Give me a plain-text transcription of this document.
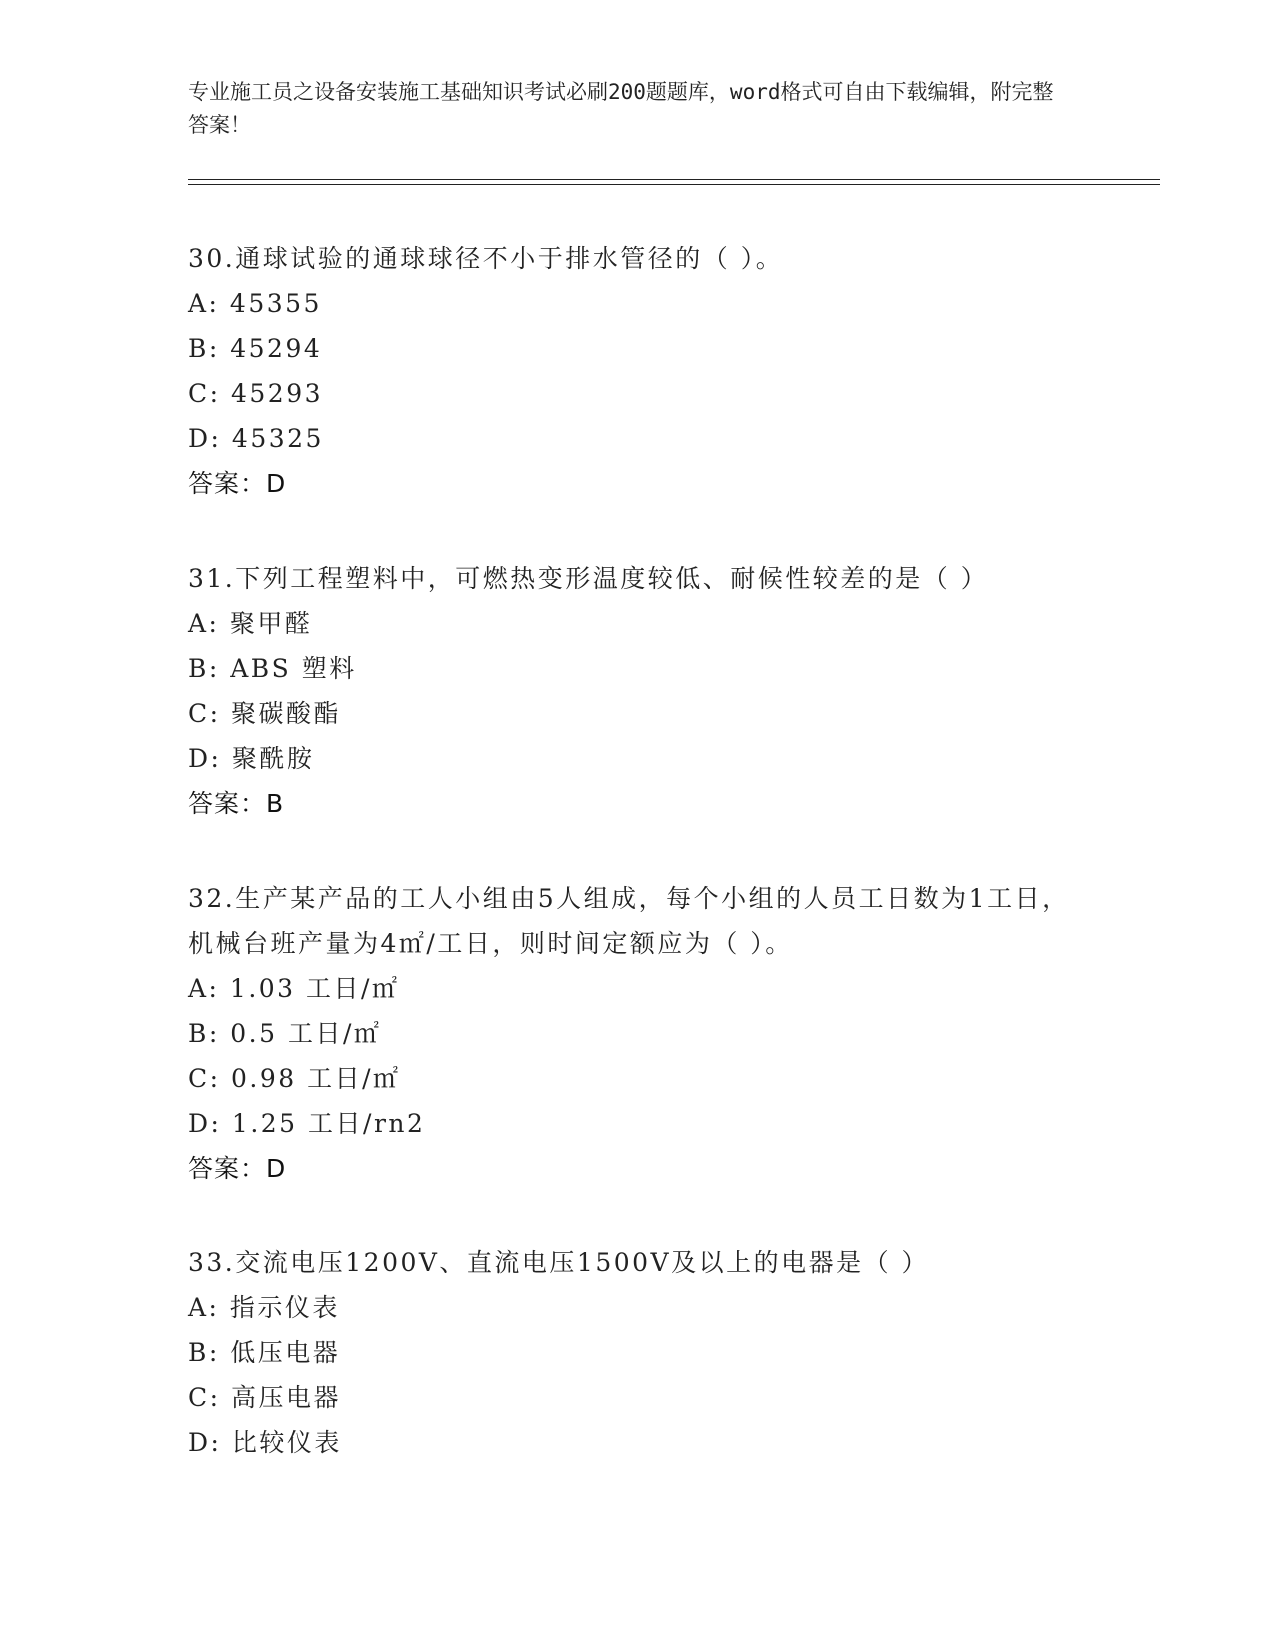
专业施工员之设备安装施工基础知识考试必刷200题题库，word格式可自由下载编辑，附完整答案！

30.通球试验的通球球径不小于排水管径的（ ）。

A: 45355

B: 45294

C: 45293

D: 45325

答案：D

31.下列工程塑料中，可燃热变形温度较低、耐候性较差的是（ ）

A: 聚甲醛

B: ABS 塑料

C: 聚碳酸酯

D: 聚酰胺

答案：B

32.生产某产品的工人小组由5人组成，每个小组的人员工日数为1工日，机械台班产量为4㎡/工日，则时间定额应为（ ）。

A: 1.03 工日/㎡

B: 0.5 工日/㎡

C: 0.98 工日/㎡

D: 1.25 工日/rn2

答案：D

33.交流电压1200V、直流电压1500V及以上的电器是（ ）

A: 指示仪表

B: 低压电器

C: 高压电器

D: 比较仪表
